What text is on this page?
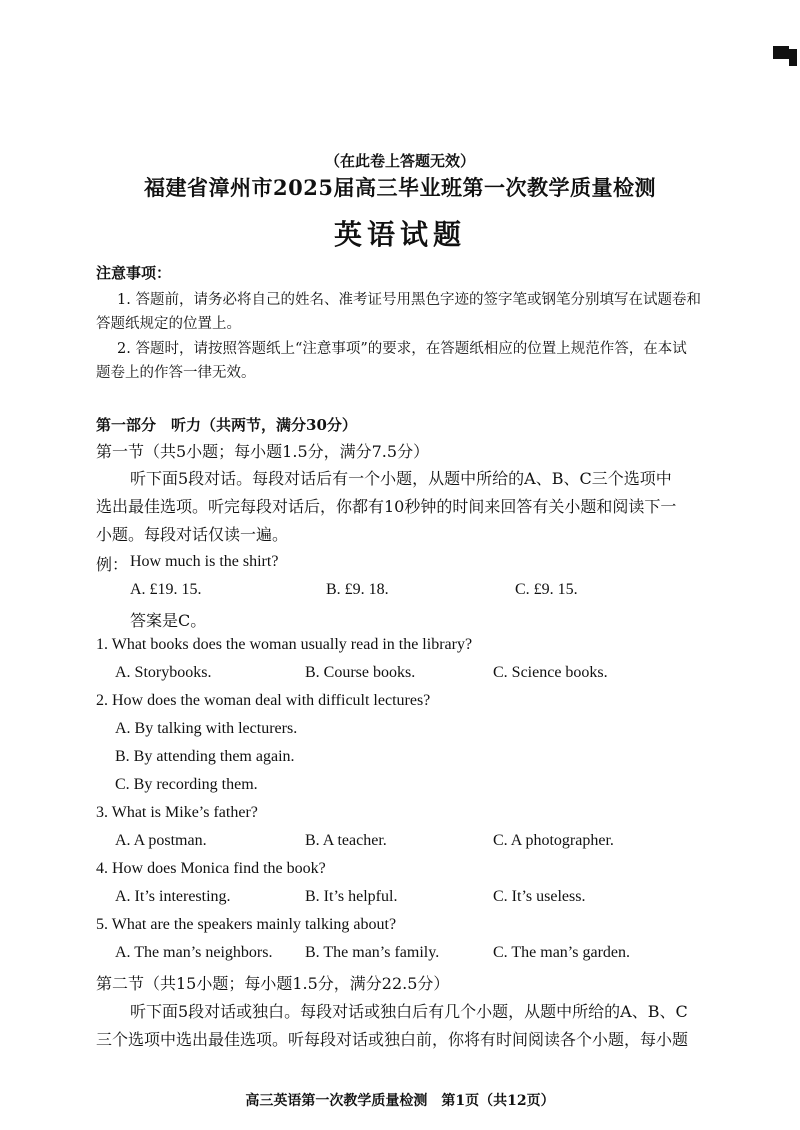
（在此卷上答题无效）
福建省漳州市2025届高三毕业班第一次教学质量检测
英语试题
注意事项：
1. 答题前，请务必将自己的姓名、准考证号用黑色字迹的签字笔或钢笔分别填写在试题卷和
答题纸规定的位置上。
2. 答题时，请按照答题纸上“注意事项”的要求，在答题纸相应的位置上规范作答，在本试
题卷上的作答一律无效。
第一部分　听力（共两节，满分30分）
第一节（共5小题；每小题1.5分，满分7.5分）
听下面5段对话。每段对话后有一个小题，从题中所给的A、B、C三个选项中
选出最佳选项。听完每段对话后，你都有10秒钟的时间来回答有关小题和阅读下一
小题。每段对话仅读一遍。
例： How much is the shirt?
A. £19. 15.	B. £9. 18.	C. £9. 15.
答案是C。
1. What books does the woman usually read in the library?
A. Storybooks.	B. Course books.	C. Science books.
2. How does the woman deal with difficult lectures?
A. By talking with lecturers.
B. By attending them again.
C. By recording them.
3. What is Mike’s father?
A. A postman.	B. A teacher.	C. A photographer.
4. How does Monica find the book?
A. It’s interesting.	B. It’s helpful.	C. It’s useless.
5. What are the speakers mainly talking about?
A. The man’s neighbors. B. The man’s family.	C. The man’s garden.
第二节（共15小题；每小题1.5分，满分22.5分）
听下面5段对话或独白。每段对话或独白后有几个小题，从题中所给的A、B、C
三个选项中选出最佳选项。听每段对话或独白前，你将有时间阅读各个小题，每小题
高三英语第一次教学质量检测　第1页（共12页）
